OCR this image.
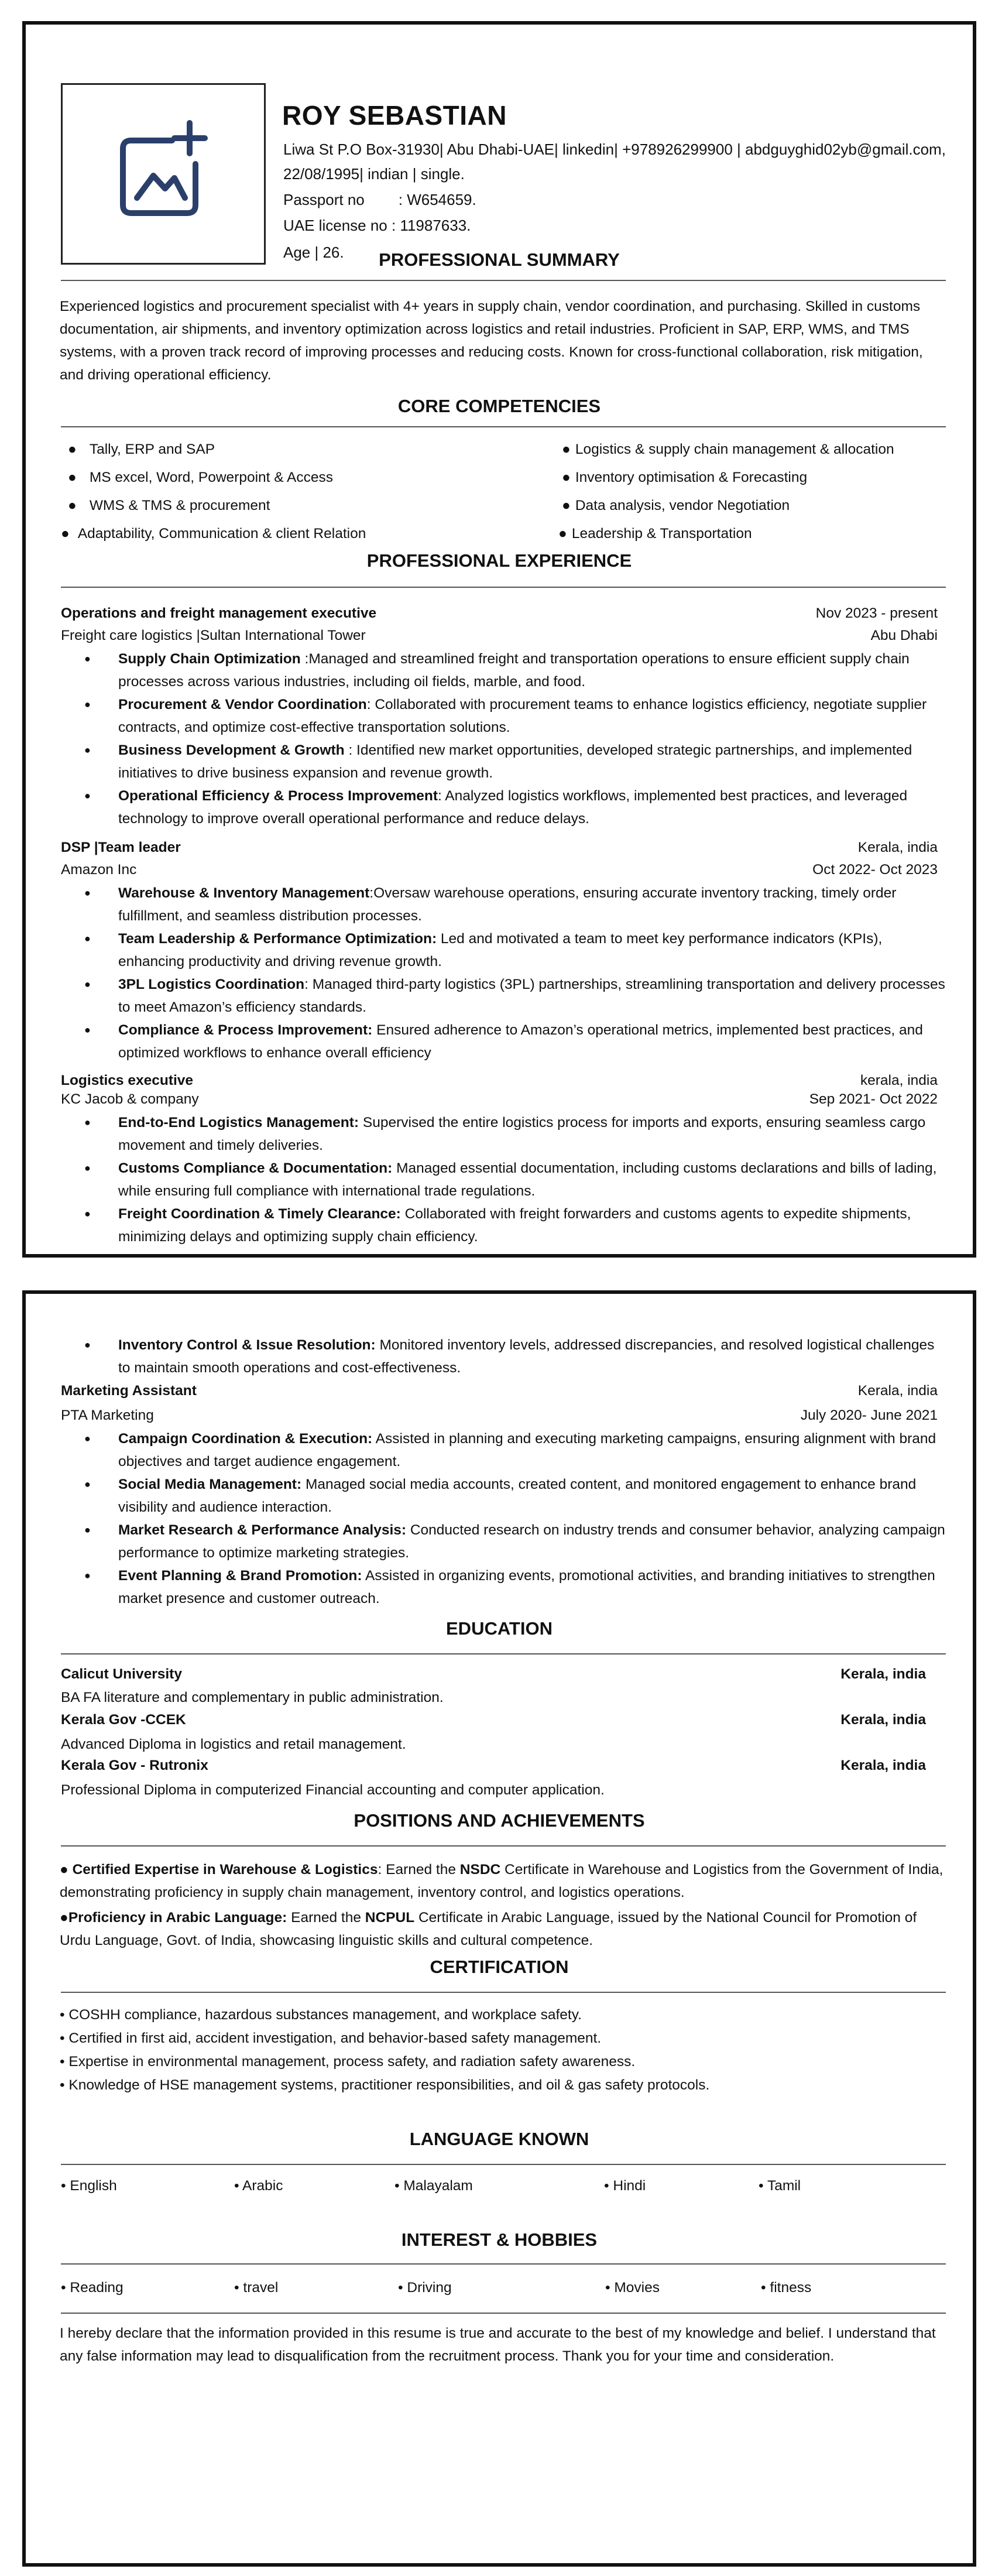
ROY SEBASTIAN
Liwa St P.O Box-31930| Abu Dhabi-UAE| linkedin| +978926299900 | abdguyghid02yb@gmail.com,
22/08/1995| indian | single.
Passport no : W654659.
UAE license no : 11987633.
Age | 26.	PROFESSIONAL SUMMARY
Experienced logistics and procurement specialist with 4+ years in supply chain, vendor coordination, and purchasing. Skilled in customs documentation, air shipments, and inventory optimization across logistics and retail industries. Proficient in SAP, ERP, WMS, and TMS systems, with a proven track record of improving processes and reducing costs. Known for cross-functional collaboration, risk mitigation, and driving operational efficiency.
CORE COMPETENCIES
● Tally, ERP and SAP
● MS excel, Word, Powerpoint & Access
● WMS & TMS & procurement
● Adaptability, Communication & client Relation
● Logistics & supply chain management & allocation
● Inventory optimisation & Forecasting
● Data analysis, vendor Negotiation
● Leadership & Transportation
PROFESSIONAL EXPERIENCE
Operations and freight management executive	Nov 2023 - present
Freight care logistics |Sultan International Tower	Abu Dhabi
● Supply Chain Optimization :Managed and streamlined freight and transportation operations to ensure efficient supply chain processes across various industries, including oil fields, marble, and food.
● Procurement & Vendor Coordination: Collaborated with procurement teams to enhance logistics efficiency, negotiate supplier contracts, and optimize cost-effective transportation solutions.
● Business Development & Growth : Identified new market opportunities, developed strategic partnerships, and implemented initiatives to drive business expansion and revenue growth.
● Operational Efficiency & Process Improvement: Analyzed logistics workflows, implemented best practices, and leveraged technology to improve overall operational performance and reduce delays.
DSP |Team leader	Kerala, india
Amazon Inc	Oct 2022- Oct 2023
● Warehouse & Inventory Management:Oversaw warehouse operations, ensuring accurate inventory tracking, timely order fulfillment, and seamless distribution processes.
● Team Leadership & Performance Optimization: Led and motivated a team to meet key performance indicators (KPIs), enhancing productivity and driving revenue growth.
● 3PL Logistics Coordination: Managed third-party logistics (3PL) partnerships, streamlining transportation and delivery processes to meet Amazon’s efficiency standards.
● Compliance & Process Improvement: Ensured adherence to Amazon’s operational metrics, implemented best practices, and optimized workflows to enhance overall efficiency
Logistics executive	kerala, india
KC Jacob & company	Sep 2021- Oct 2022
● End-to-End Logistics Management: Supervised the entire logistics process for imports and exports, ensuring seamless cargo movement and timely deliveries.
● Customs Compliance & Documentation: Managed essential documentation, including customs declarations and bills of lading, while ensuring full compliance with international trade regulations.
● Freight Coordination & Timely Clearance: Collaborated with freight forwarders and customs agents to expedite shipments, minimizing delays and optimizing supply chain efficiency.
● Inventory Control & Issue Resolution: Monitored inventory levels, addressed discrepancies, and resolved logistical challenges to maintain smooth operations and cost-effectiveness.
Marketing Assistant	Kerala, india
PTA Marketing	July 2020- June 2021
● Campaign Coordination & Execution: Assisted in planning and executing marketing campaigns, ensuring alignment with brand objectives and target audience engagement.
● Social Media Management: Managed social media accounts, created content, and monitored engagement to enhance brand visibility and audience interaction.
● Market Research & Performance Analysis: Conducted research on industry trends and consumer behavior, analyzing campaign performance to optimize marketing strategies.
● Event Planning & Brand Promotion: Assisted in organizing events, promotional activities, and branding initiatives to strengthen market presence and customer outreach.
EDUCATION
Calicut University	Kerala, india
BA FA literature and complementary in public administration.
Kerala Gov -CCEK	Kerala, india
Advanced Diploma in logistics and retail management.
Kerala Gov - Rutronix	Kerala, india
Professional Diploma in computerized Financial accounting and computer application.
POSITIONS AND ACHIEVEMENTS
● Certified Expertise in Warehouse & Logistics: Earned the NSDC Certificate in Warehouse and Logistics from the Government of India, demonstrating proficiency in supply chain management, inventory control, and logistics operations.
●Proficiency in Arabic Language: Earned the NCPUL Certificate in Arabic Language, issued by the National Council for Promotion of Urdu Language, Govt. of India, showcasing linguistic skills and cultural competence.
CERTIFICATION
• COSHH compliance, hazardous substances management, and workplace safety.
• Certified in first aid, accident investigation, and behavior-based safety management.
• Expertise in environmental management, process safety, and radiation safety awareness.
• Knowledge of HSE management systems, practitioner responsibilities, and oil & gas safety protocols.
LANGUAGE KNOWN
• English	• Arabic	• Malayalam	• Hindi	• Tamil
INTEREST & HOBBIES
• Reading	• travel	• Driving	• Movies	• fitness
I hereby declare that the information provided in this resume is true and accurate to the best of my knowledge and belief. I understand that any false information may lead to disqualification from the recruitment process. Thank you for your time and consideration.
